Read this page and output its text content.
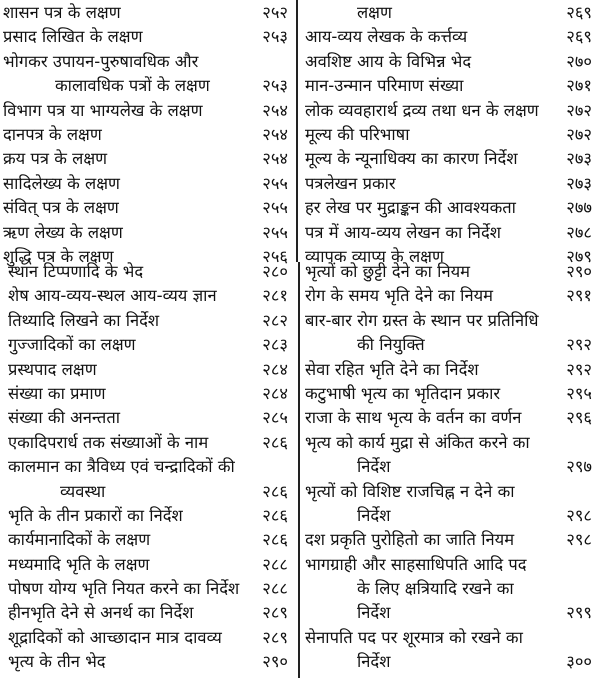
शासन पत्र के लक्षण	२५२
प्रसाद लिखित के लक्षण	२५३
भोगकर उपायन-पुरुषावधिक और
कालावधिक पत्रों के लक्षण	२५३
विभाग पत्र या भाग्यलेख के लक्षण	२५४
दानपत्र के लक्षण	२५४
क्रय पत्र के लक्षण	२५४
सादिलेख्य के लक्षण	२५५
संवित् पत्र के लक्षण	२५५
ऋण लेख्य के लक्षण	२५५
शुद्धि पत्र के लक्षण	२५६
लक्षण	२६९
आय-व्यय लेखक के कर्त्तव्य	२६९
अवशिष्ट आय के विभिन्न भेद	२७०
मान-उन्मान परिमाण संख्या	२७१
लोक व्यवहारार्थ द्रव्य तथा धन के लक्षण	२७२
मूल्य की परिभाषा	२७२
मूल्य के न्यूनाधिक्य का कारण निर्देश	२७३
पत्रलेखन प्रकार	२७३
हर लेख पर मुद्राङ्कन की आवश्यकता	२७७
पत्र में आय-व्यय लेखन का निर्देश	२७८
व्यापक व्याप्य के लक्षण	२७९
स्थान टिप्पणादि के भेद	२८०
शेष आय-व्यय-स्थल आय-व्यय ज्ञान	२८१
तिथ्यादि लिखने का निर्देश	२८२
गुज्जादिकों का लक्षण	२८३
प्रस्थपाद लक्षण	२८४
संख्या का प्रमाण	२८४
संख्या की अनन्तता	२८५
एकादिपरार्ध तक संख्याओं के नाम	२८६
कालमान का त्रैविध्य एवं चन्द्रादिकों की
व्यवस्था	२८६
भृति के तीन प्रकारों का निर्देश	२८६
कार्यमानादिकों के लक्षण	२८६
मध्यमादि भृति के लक्षण	२८८
पोषण योग्य भृति नियत करने का निर्देश	२८८
हीनभृति देने से अनर्थ का निर्देश	२८९
शूद्रादिकों को आच्छादान मात्र दावव्य	२८९
भृत्य के तीन भेद	२९०
भृत्यों को छुट्टी देने का नियम	२९०
रोग के समय भृति देने का नियम	२९१
बार-बार रोग ग्रस्त के स्थान पर प्रतिनिधि
की नियुक्ति	२९२
सेवा रहित भृति देने का निर्देश	२९२
कटुभाषी भृत्य का भृतिदान प्रकार	२९५
राजा के साथ भृत्य के वर्तन का वर्णन	२९६
भृत्य को कार्य मुद्रा से अंकित करने का
निर्देश	२९७
भृत्यों को विशिष्ट राजचिह्न न देने का
निर्देश	२९८
दश प्रकृति पुरोहितो का जाति नियम	२९८
भागग्राही और साहसाधिपति आदि पद
के लिए क्षत्रियादि रखने का
निर्देश	२९९
सेनापति पद पर शूरमात्र को रखने का
निर्देश	३००
